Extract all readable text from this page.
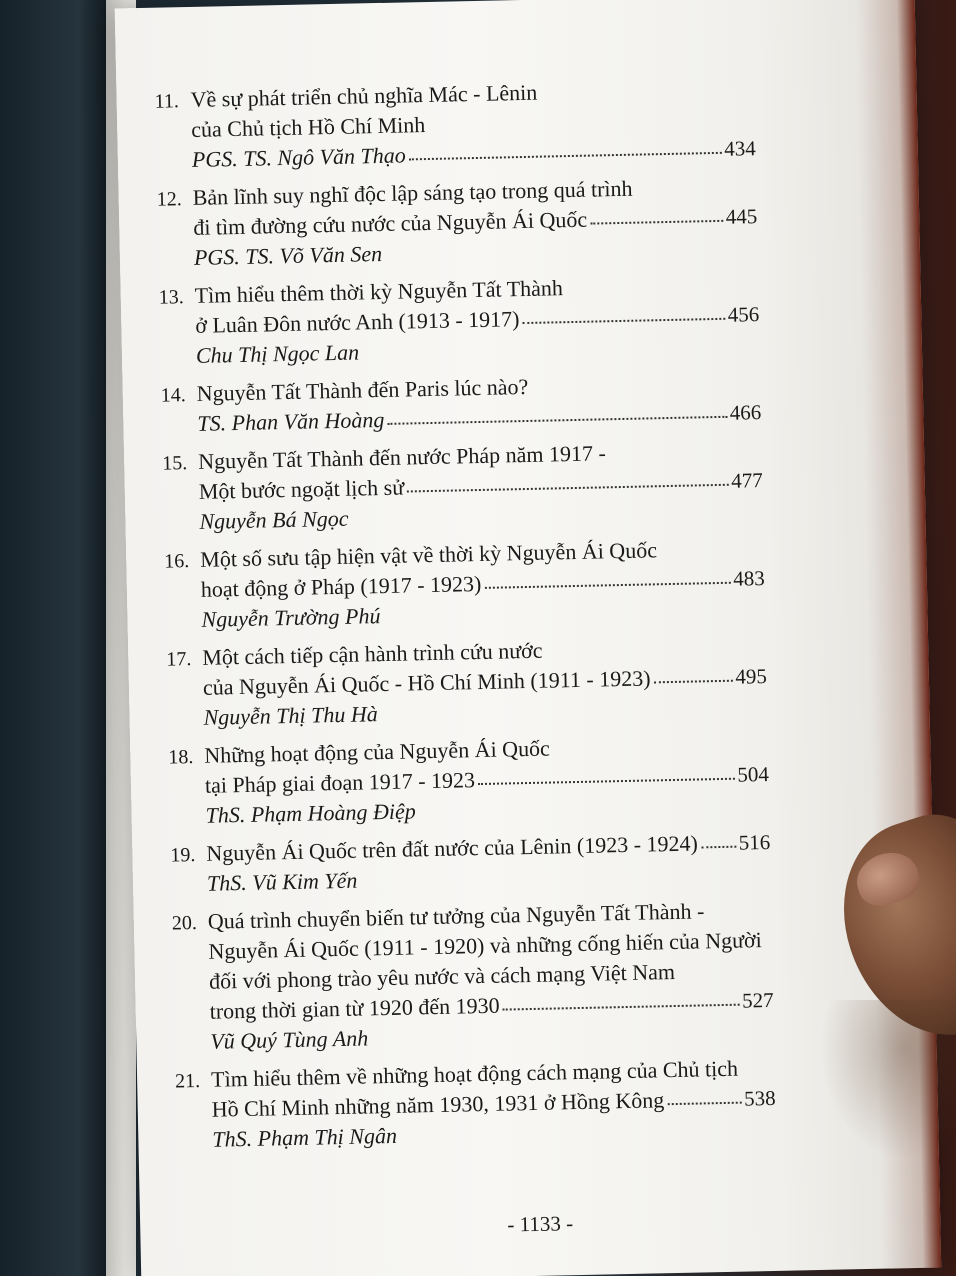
11. Về sự phát triển chủ nghĩa Mác - Lênin
của Chủ tịch Hồ Chí Minh
PGS. TS. Ngô Văn Thạo	434
12. Bản lĩnh suy nghĩ độc lập sáng tạo trong quá trình
đi tìm đường cứu nước của Nguyễn Ái Quốc	445
PGS. TS. Võ Văn Sen
13. Tìm hiểu thêm thời kỳ Nguyễn Tất Thành
ở Luân Đôn nước Anh (1913 - 1917)	456
Chu Thị Ngọc Lan
14. Nguyễn Tất Thành đến Paris lúc nào?
TS. Phan Văn Hoàng	466
15. Nguyễn Tất Thành đến nước Pháp năm 1917 -
Một bước ngoặt lịch sử	477
Nguyễn Bá Ngọc
16. Một số sưu tập hiện vật về thời kỳ Nguyễn Ái Quốc
hoạt động ở Pháp (1917 - 1923)	483
Nguyễn Trường Phú
17. Một cách tiếp cận hành trình cứu nước
của Nguyễn Ái Quốc - Hồ Chí Minh (1911 - 1923)	495
Nguyễn Thị Thu Hà
18. Những hoạt động của Nguyễn Ái Quốc
tại Pháp giai đoạn 1917 - 1923	504
ThS. Phạm Hoàng Điệp
19. Nguyễn Ái Quốc trên đất nước của Lênin (1923 - 1924) 516
ThS. Vũ Kim Yến
20. Quá trình chuyển biến tư tưởng của Nguyễn Tất Thành -
Nguyễn Ái Quốc (1911 - 1920) và những cống hiến của Người
đối với phong trào yêu nước và cách mạng Việt Nam
trong thời gian từ 1920 đến 1930	527
Vũ Quý Tùng Anh
21. Tìm hiểu thêm về những hoạt động cách mạng của Chủ tịch
Hồ Chí Minh những năm 1930, 1931 ở Hồng Kông	538
ThS. Phạm Thị Ngân
- 1133 -
